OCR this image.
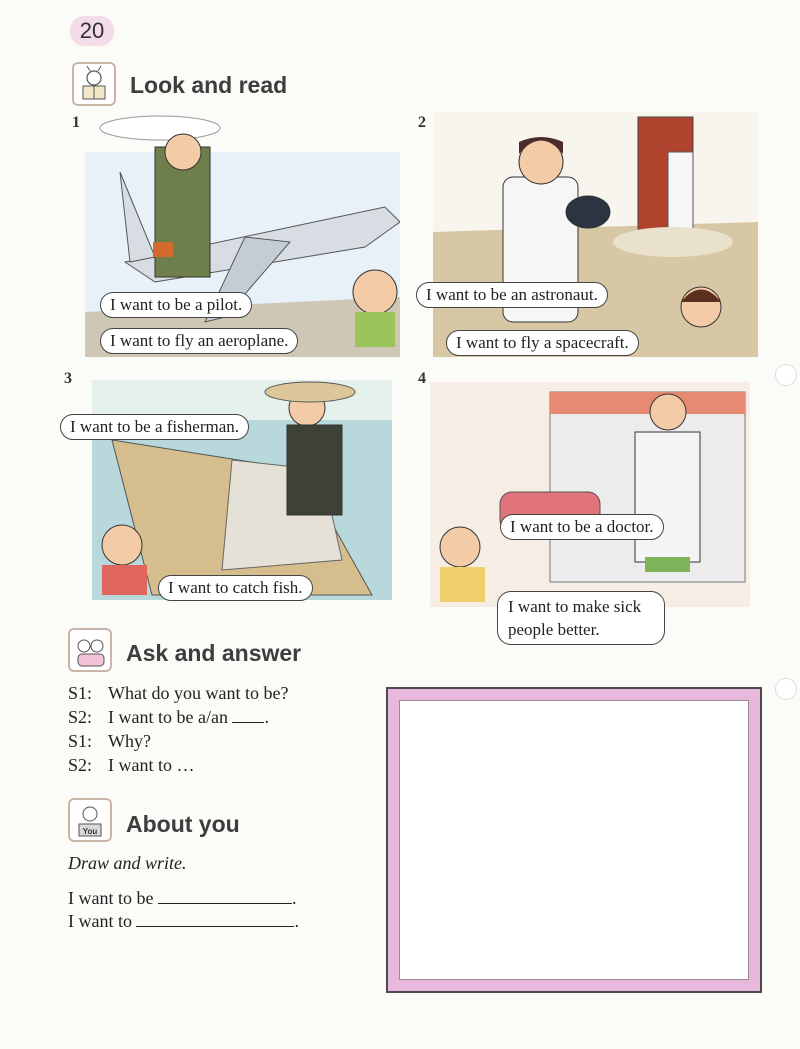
20
Look and read
1
I want to be a pilot.
I want to fly an aeroplane.
2
I want to be an astronaut.
I want to fly a spacecraft.
3
I want to be a fisherman.
I want to catch fish.
4
I want to be a doctor.
I want to make sick people better.
Ask and answer
S1: What do you want to be?
S2: I want to be a/an .
S1: Why?
S2: I want to …
You About you
Draw and write.
I want to be	.
I want to	.
